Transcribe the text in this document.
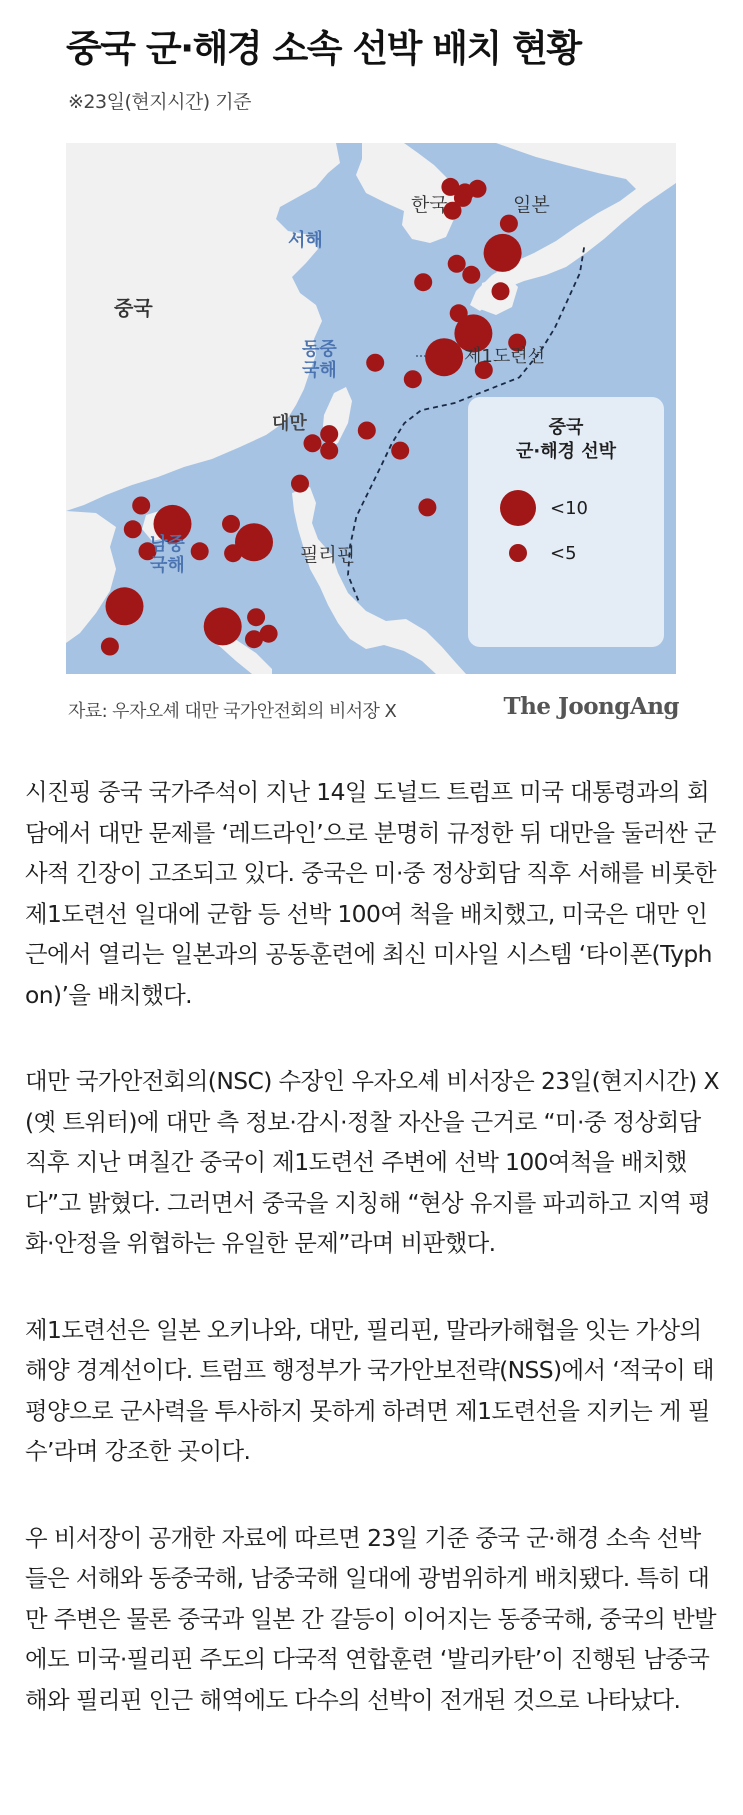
중국 군·해경 소속 선박 배치 현황
※23일(현지시간) 기준
한국	일본
중국
서해
동중 국해
대만
필리핀
남중 국해
제1도련선
중국 군·해경 선박
<10
<5
자료: 우자오셰 대만 국가안전회의 비서장 X	The JoongAng

시진핑 중국 국가주석이 지난 14일 도널드 트럼프 미국 대통령과의 회담에서 대만 문제를 ‘레드라인’으로 분명히 규정한 뒤 대만을 둘러싼 군사적 긴장이 고조되고 있다. 중국은 미·중 정상회담 직후 서해를 비롯한 제1도련선 일대에 군함 등 선박 100여 척을 배치했고, 미국은 대만 인근에서 열리는 일본과의 공동훈련에 최신 미사일 시스템 ‘타이폰(Typhon)’을 배치했다.

대만 국가안전회의(NSC) 수장인 우자오셰 비서장은 23일(현지시간) X(옛 트위터)에 대만 측 정보·감시·정찰 자산을 근거로 “미·중 정상회담 직후 지난 며칠간 중국이 제1도련선 주변에 선박 100여척을 배치했다”고 밝혔다. 그러면서 중국을 지칭해 “현상 유지를 파괴하고 지역 평화·안정을 위협하는 유일한 문제”라며 비판했다.

제1도련선은 일본 오키나와, 대만, 필리핀, 말라카해협을 잇는 가상의 해양 경계선이다. 트럼프 행정부가 국가안보전략(NSS)에서 ‘적국이 태평양으로 군사력을 투사하지 못하게 하려면 제1도련선을 지키는 게 필수’라며 강조한 곳이다.

우 비서장이 공개한 자료에 따르면 23일 기준 중국 군·해경 소속 선박들은 서해와 동중국해, 남중국해 일대에 광범위하게 배치됐다. 특히 대만 주변은 물론 중국과 일본 간 갈등이 이어지는 동중국해, 중국의 반발에도 미국·필리핀 주도의 다국적 연합훈련 ‘발리카탄’이 진행된 남중국해와 필리핀 인근 해역에도 다수의 선박이 전개된 것으로 나타났다.
